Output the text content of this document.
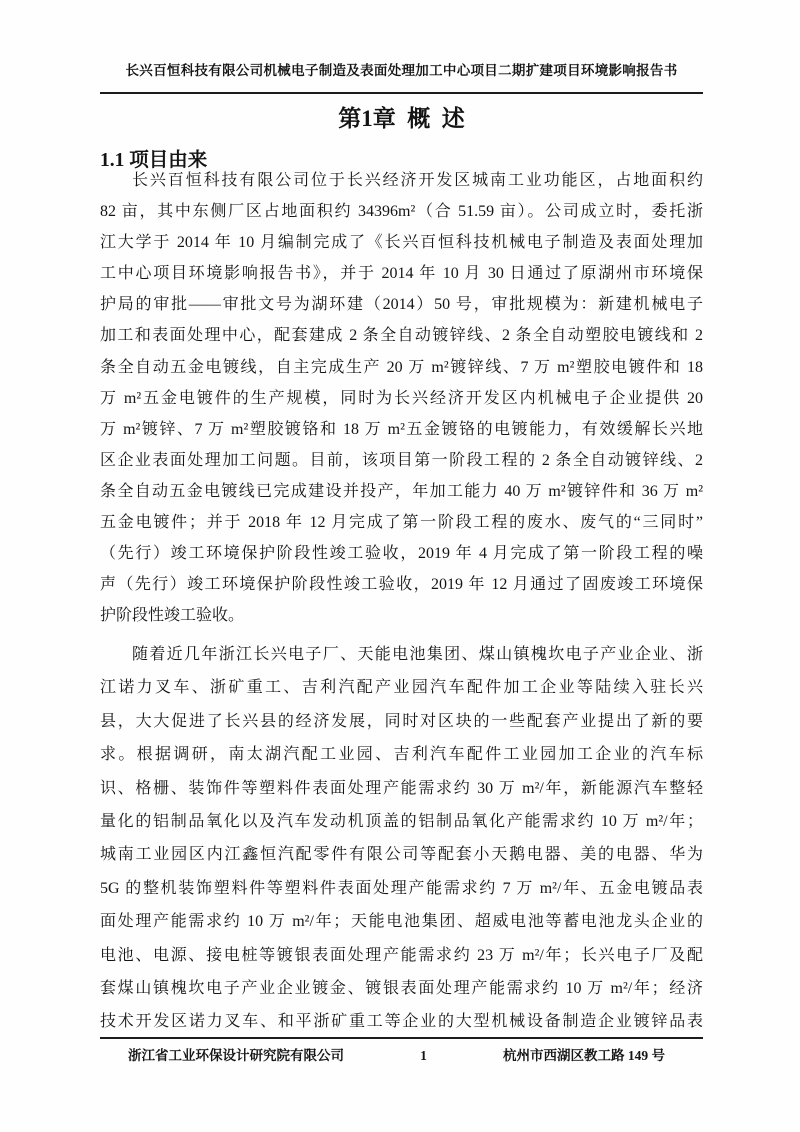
长兴百恒科技有限公司机械电子制造及表面处理加工中心项目二期扩建项目环境影响报告书
第1章  概  述
1.1 项目由来
长兴百恒科技有限公司位于长兴经济开发区城南工业功能区，占地面积约
82 亩，其中东侧厂区占地面积约 34396m²（合 51.59 亩）。公司成立时，委托浙
江大学于 2014 年 10 月编制完成了《长兴百恒科技机械电子制造及表面处理加
工中心项目环境影响报告书》，并于 2014 年 10 月 30 日通过了原湖州市环境保
护局的审批——审批文号为湖环建（2014）50 号，审批规模为：新建机械电子
加工和表面处理中心，配套建成 2 条全自动镀锌线、2 条全自动塑胶电镀线和 2
条全自动五金电镀线，自主完成生产 20 万 m²镀锌线、7 万 m²塑胶电镀件和 18
万 m²五金电镀件的生产规模，同时为长兴经济开发区内机械电子企业提供 20
万 m²镀锌、7 万 m²塑胶镀铬和 18 万 m²五金镀铬的电镀能力，有效缓解长兴地
区企业表面处理加工问题。目前，该项目第一阶段工程的 2 条全自动镀锌线、2
条全自动五金电镀线已完成建设并投产，年加工能力 40 万 m²镀锌件和 36 万 m²
五金电镀件；并于 2018 年 12 月完成了第一阶段工程的废水、废气的“三同时”
（先行）竣工环境保护阶段性竣工验收，2019 年 4 月完成了第一阶段工程的噪
声（先行）竣工环境保护阶段性竣工验收，2019 年 12 月通过了固废竣工环境保
护阶段性竣工验收。
随着近几年浙江长兴电子厂、天能电池集团、煤山镇槐坎电子产业企业、浙
江诺力叉车、浙矿重工、吉利汽配产业园汽车配件加工企业等陆续入驻长兴
县，大大促进了长兴县的经济发展，同时对区块的一些配套产业提出了新的要
求。根据调研，南太湖汽配工业园、吉利汽车配件工业园加工企业的汽车标
识、格栅、装饰件等塑料件表面处理产能需求约 30 万 m²/年，新能源汽车整轻
量化的铝制品氧化以及汽车发动机顶盖的铝制品氧化产能需求约 10 万 m²/年；
城南工业园区内江鑫恒汽配零件有限公司等配套小天鹅电器、美的电器、华为
5G 的整机装饰塑料件等塑料件表面处理产能需求约 7 万 m²/年、五金电镀品表
面处理产能需求约 10 万 m²/年；天能电池集团、超威电池等蓄电池龙头企业的
电池、电源、接电桩等镀银表面处理产能需求约 23 万 m²/年；长兴电子厂及配
套煤山镇槐坎电子产业企业镀金、镀银表面处理产能需求约 10 万 m²/年；经济
技术开发区诺力叉车、和平浙矿重工等企业的大型机械设备制造企业镀锌品表
浙江省工业环保设计研究院有限公司	1	杭州市西湖区教工路 149 号
